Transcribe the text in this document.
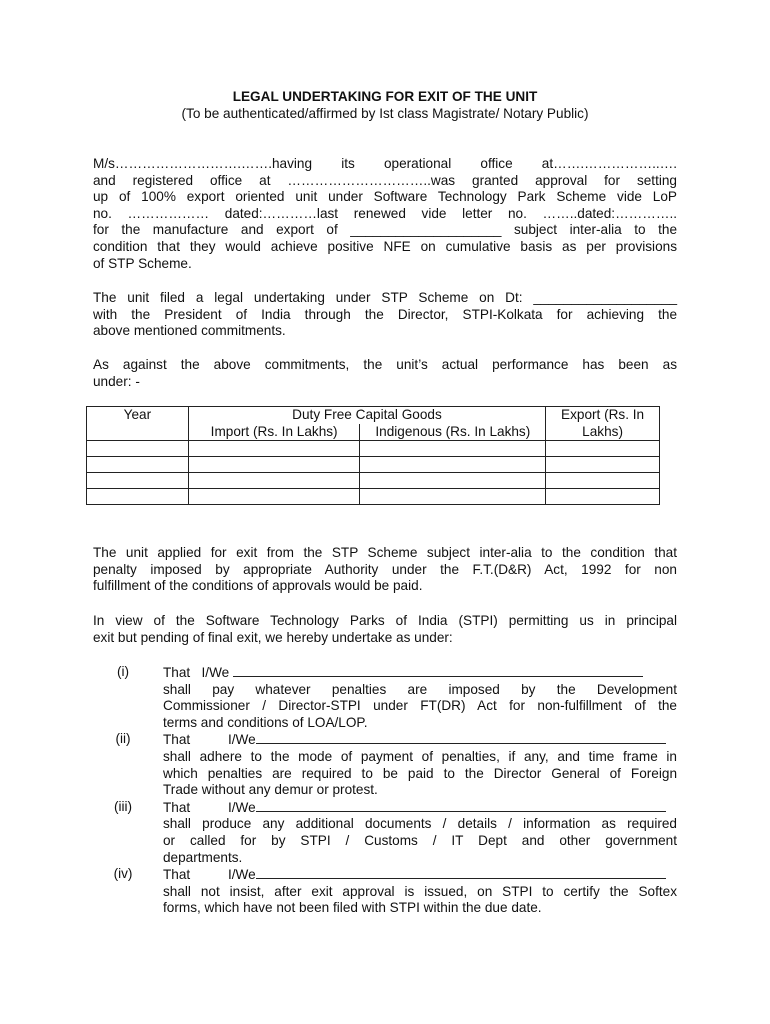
LEGAL UNDERTAKING FOR EXIT OF THE UNIT
(To be authenticated/affirmed by Ist class Magistrate/ Notary Public)
M/s……………………….…….having its operational office at…….……………..….
and registered office at …………………………..was granted approval for setting
up of 100% export oriented unit under Software Technology Park Scheme vide LoP
no. ……………… dated:…………last renewed vide letter no. ……..dated:…………..
for the manufacture and export of ____________________ subject inter-alia to the
condition that they would achieve positive NFE on cumulative basis as per provisions
of STP Scheme.
The unit filed a legal undertaking under STP Scheme on Dt: ___________________
with the President of India through the Director, STPI-Kolkata for achieving the
above mentioned commitments.
As against the above commitments, the unit’s actual performance has been as
under: -
Year	Duty Free Capital Goods		Export (Rs. In Lakhs)
	Import (Rs. In Lakhs)	Indigenous (Rs. In Lakhs)	

The unit applied for exit from the STP Scheme subject inter-alia to the condition that
penalty imposed by appropriate Authority under the F.T.(D&R) Act, 1992 for non
fulfillment of the conditions of approvals would be paid.
In view of the Software Technology Parks of India (STPI) permitting us in principal
exit but pending of final exit, we hereby undertake as under:
(i)	That   I/We
shall pay whatever penalties are imposed by the Development
Commissioner / Director-STPI under FT(DR) Act for non-fulfillment of the
terms and conditions of LOA/LOP.
(ii)	That          I/We
shall adhere to the mode of payment of penalties, if any, and time frame in
which penalties are required to be paid to the Director General of Foreign
Trade without any demur or protest.
(iii)	That          I/We
shall produce any additional documents / details / information as required
or called for by STPI / Customs / IT Dept and other government
departments.
(iv)	That          I/We
shall not insist, after exit approval is issued, on STPI to certify the Softex
forms, which have not been filed with STPI within the due date.
